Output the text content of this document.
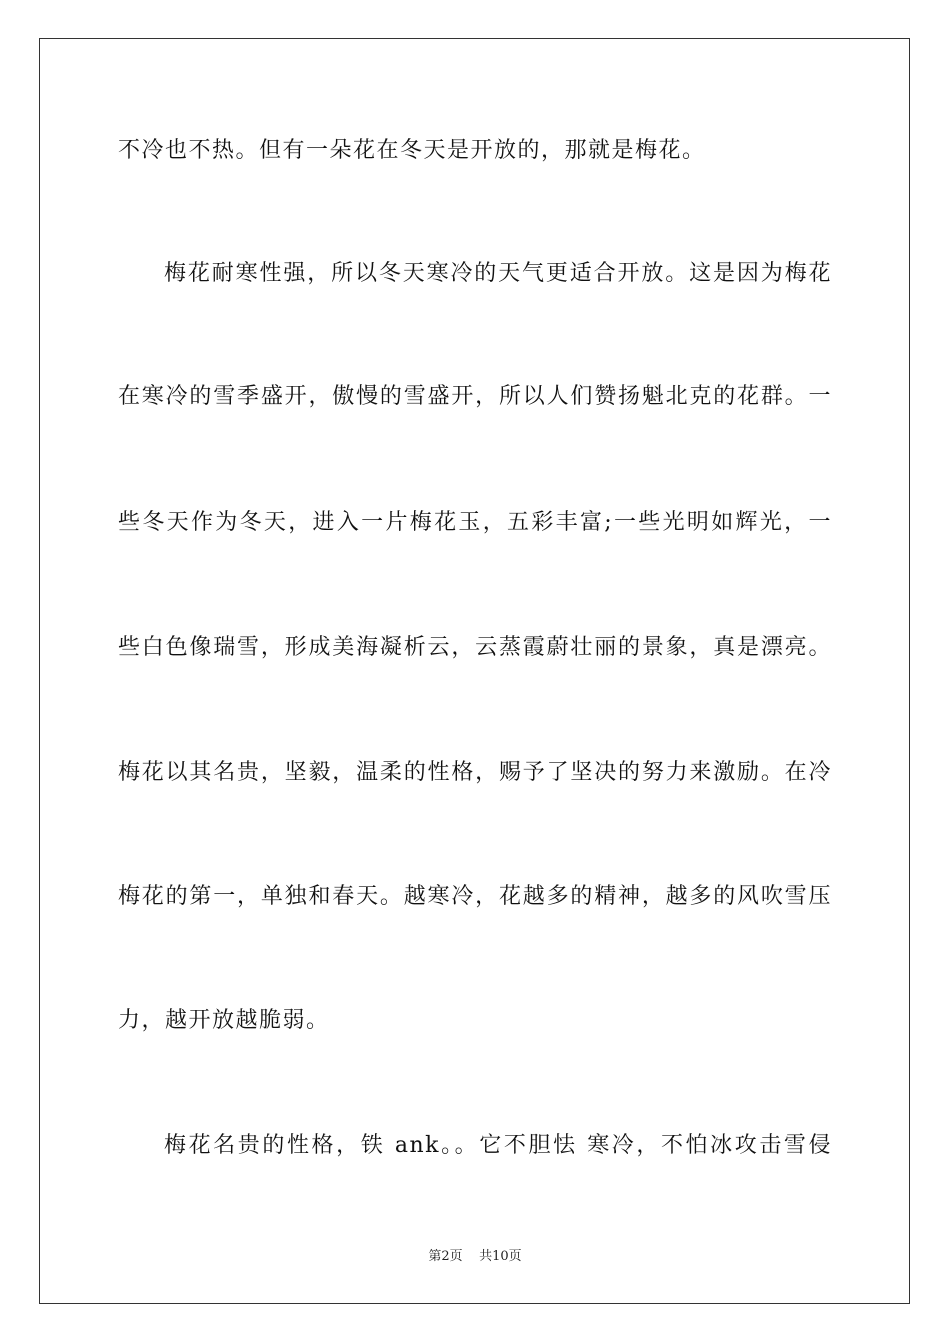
不冷也不热。但有一朵花在冬天是开放的，那就是梅花。
梅花耐寒性强，所以冬天寒冷的天气更适合开放。这是因为梅花
在寒冷的雪季盛开，傲慢的雪盛开，所以人们赞扬魁北克的花群。一
些冬天作为冬天，进入一片梅花玉，五彩丰富;一些光明如辉光，一
些白色像瑞雪，形成美海凝析云，云蒸霞蔚壮丽的景象，真是漂亮。
梅花以其名贵，坚毅，温柔的性格，赐予了坚决的努力来激励。在冷
梅花的第一，单独和春天。越寒冷，花越多的精神，越多的风吹雪压
力，越开放越脆弱。
梅花名贵的性格，铁 ank。。它不胆怯 寒冷，不怕冰攻击雪侵
第2页 共10页
